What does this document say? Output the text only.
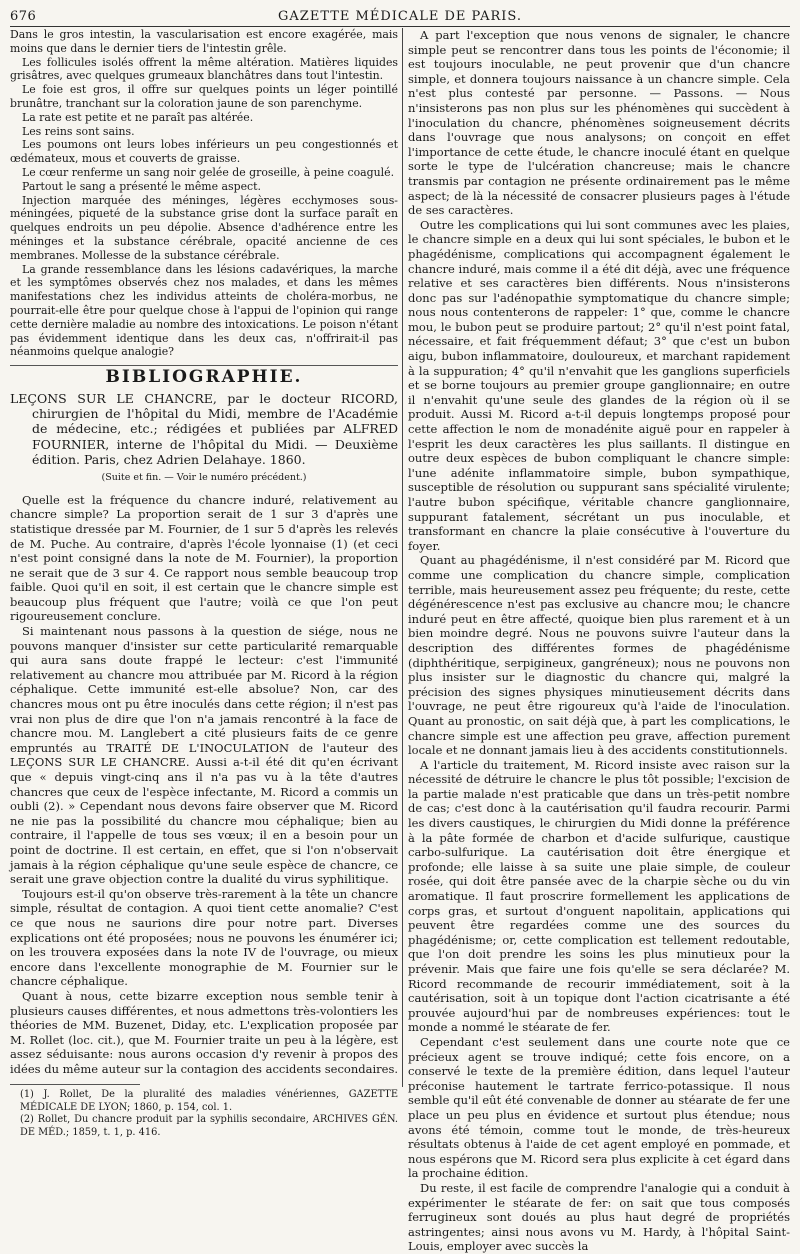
676	GAZETTE MÉDICALE DE PARIS.

Dans le gros intestin, la vascularisation est encore exagérée, mais moins que dans le dernier tiers de l'intestin grêle.

Les follicules isolés offrent la même altération. Matières liquides grisâtres, avec quelques grumeaux blanchâtres dans tout l'intestin.

Le foie est gros, il offre sur quelques points un léger pointillé brunâtre, tranchant sur la coloration jaune de son parenchyme.

La rate est petite et ne paraît pas altérée.

Les reins sont sains.

Les poumons ont leurs lobes inférieurs un peu congestionnés et œdémateux, mous et couverts de graisse.

Le cœur renferme un sang noir gelée de groseille, à peine coagulé.

Partout le sang a présenté le même aspect.

Injection marquée des méninges, légères ecchymoses sous-méningées, piqueté de la substance grise dont la surface paraît en quelques endroits un peu dépolie. Absence d'adhérence entre les méninges et la substance cérébrale, opacité ancienne de ces membranes. Mollesse de la substance cérébrale.

La grande ressemblance dans les lésions cadavériques, la marche et les symptômes observés chez nos malades, et dans les mêmes manifestations chez les individus atteints de choléra-morbus, ne pourrait-elle être pour quelque chose à l'appui de l'opinion qui range cette dernière maladie au nombre des intoxications. Le poison n'étant pas évidemment identique dans les deux cas, n'offrirait-il pas néanmoins quelque analogie?

BIBLIOGRAPHIE.

LEÇONS SUR LE CHANCRE, par le docteur RICORD, chirurgien de l'hôpital du Midi, membre de l'Académie de médecine, etc.; rédigées et publiées par ALFRED FOURNIER, interne de l'hôpital du Midi. — Deuxième édition. Paris, chez Adrien Delahaye. 1860.

(Suite et fin. — Voir le numéro précédent.)

Quelle est la fréquence du chancre induré, relativement au chancre simple? La proportion serait de 1 sur 3 d'après une statistique dressée par M. Fournier, de 1 sur 5 d'après les relevés de M. Puche. Au contraire, d'après l'école lyonnaise (1) (et ceci n'est point consigné dans la note de M. Fournier), la proportion ne serait que de 3 sur 4. Ce rapport nous semble beaucoup trop faible. Quoi qu'il en soit, il est certain que le chancre simple est beaucoup plus fréquent que l'autre; voilà ce que l'on peut rigoureusement conclure.

Si maintenant nous passons à la question de siége, nous ne pouvons manquer d'insister sur cette particularité remarquable qui aura sans doute frappé le lecteur: c'est l'immunité relativement au chancre mou attribuée par M. Ricord à la région céphalique. Cette immunité est-elle absolue? Non, car des chancres mous ont pu être inoculés dans cette région; il n'est pas vrai non plus de dire que l'on n'a jamais rencontré à la face de chancre mou. M. Langlebert a cité plusieurs faits de ce genre empruntés au TRAITÉ DE L'INOCULATION de l'auteur des LEÇONS SUR LE CHANCRE. Aussi a-t-il été dit qu'en écrivant que « depuis vingt-cinq ans il n'a pas vu à la tête d'autres chancres que ceux de l'espèce infectante, M. Ricord a commis un oubli (2). » Cependant nous devons faire observer que M. Ricord ne nie pas la possibilité du chancre mou céphalique; bien au contraire, il l'appelle de tous ses vœux; il en a besoin pour un point de doctrine. Il est certain, en effet, que si l'on n'observait jamais à la région céphalique qu'une seule espèce de chancre, ce serait une grave objection contre la dualité du virus syphilitique.

Toujours est-il qu'on observe très-rarement à la tête un chancre simple, résultat de contagion. A quoi tient cette anomalie? C'est ce que nous ne saurions dire pour notre part. Diverses explications ont été proposées; nous ne pouvons les énumérer ici; on les trouvera exposées dans la note IV de l'ouvrage, ou mieux encore dans l'excellente monographie de M. Fournier sur le chancre céphalique.

Quant à nous, cette bizarre exception nous semble tenir à plusieurs causes différentes, et nous admettons très-volontiers les théories de MM. Buzenet, Diday, etc. L'explication proposée par M. Rollet (loc. cit.), que M. Fournier traite un peu à la légère, est assez séduisante: nous aurons occasion d'y revenir à propos des idées du même auteur sur la contagion des accidents secondaires.

(1) J. Rollet, De la pluralité des maladies vénériennes, GAZETTE MÉDICALE DE LYON; 1860, p. 154, col. 1.

(2) Rollet, Du chancre produit par la syphilis secondaire, ARCHIVES GÉN. DE MÉD.; 1859, t. 1, p. 416.

A part l'exception que nous venons de signaler, le chancre simple peut se rencontrer dans tous les points de l'économie; il est toujours inoculable, ne peut provenir que d'un chancre simple, et donnera toujours naissance à un chancre simple. Cela n'est plus contesté par personne. — Passons. — Nous n'insisterons pas non plus sur les phénomènes qui succèdent à l'inoculation du chancre, phénomènes soigneusement décrits dans l'ouvrage que nous analysons; on conçoit en effet l'importance de cette étude, le chancre inoculé étant en quelque sorte le type de l'ulcération chancreuse; mais le chancre transmis par contagion ne présente ordinairement pas le même aspect; de là la nécessité de consacrer plusieurs pages à l'étude de ses caractères.

Outre les complications qui lui sont communes avec les plaies, le chancre simple en a deux qui lui sont spéciales, le bubon et le phagédénisme, complications qui accompagnent également le chancre induré, mais comme il a été dit déjà, avec une fréquence relative et ses caractères bien différents. Nous n'insisterons donc pas sur l'adénopathie symptomatique du chancre simple; nous nous contenterons de rappeler: 1° que, comme le chancre mou, le bubon peut se produire partout; 2° qu'il n'est point fatal, nécessaire, et fait fréquemment défaut; 3° que c'est un bubon aigu, bubon inflammatoire, douloureux, et marchant rapidement à la suppuration; 4° qu'il n'envahit que les ganglions superficiels et se borne toujours au premier groupe ganglionnaire; en outre il n'envahit qu'une seule des glandes de la région où il se produit. Aussi M. Ricord a-t-il depuis longtemps proposé pour cette affection le nom de monadénite aiguë pour en rappeler à l'esprit les deux caractères les plus saillants. Il distingue en outre deux espèces de bubon compliquant le chancre simple: l'une adénite inflammatoire simple, bubon sympathique, susceptible de résolution ou suppurant sans spécialité virulente; l'autre bubon spécifique, véritable chancre ganglionnaire, suppurant fatalement, sécrétant un pus inoculable, et transformant en chancre la plaie consécutive à l'ouverture du foyer.

Quant au phagédénisme, il n'est considéré par M. Ricord que comme une complication du chancre simple, complication terrible, mais heureusement assez peu fréquente; du reste, cette dégénérescence n'est pas exclusive au chancre mou; le chancre induré peut en être affecté, quoique bien plus rarement et à un bien moindre degré. Nous ne pouvons suivre l'auteur dans la description des différentes formes de phagédénisme (diphthéritique, serpigineux, gangréneux); nous ne pouvons non plus insister sur le diagnostic du chancre qui, malgré la précision des signes physiques minutieusement décrits dans l'ouvrage, ne peut être rigoureux qu'à l'aide de l'inoculation. Quant au pronostic, on sait déjà que, à part les complications, le chancre simple est une affection peu grave, affection purement locale et ne donnant jamais lieu à des accidents constitutionnels.

A l'article du traitement, M. Ricord insiste avec raison sur la nécessité de détruire le chancre le plus tôt possible; l'excision de la partie malade n'est praticable que dans un très-petit nombre de cas; c'est donc à la cautérisation qu'il faudra recourir. Parmi les divers caustiques, le chirurgien du Midi donne la préférence à la pâte formée de charbon et d'acide sulfurique, caustique carbo-sulfurique. La cautérisation doit être énergique et profonde; elle laisse à sa suite une plaie simple, de couleur rosée, qui doit être pansée avec de la charpie sèche ou du vin aromatique. Il faut proscrire formellement les applications de corps gras, et surtout d'onguent napolitain, applications qui peuvent être regardées comme une des sources du phagédénisme; or, cette complication est tellement redoutable, que l'on doit prendre les soins les plus minutieux pour la prévenir. Mais que faire une fois qu'elle se sera déclarée? M. Ricord recommande de recourir immédiatement, soit à la cautérisation, soit à un topique dont l'action cicatrisante a été prouvée aujourd'hui par de nombreuses expériences: tout le monde a nommé le stéarate de fer.

Cependant c'est seulement dans une courte note que ce précieux agent se trouve indiqué; cette fois encore, on a conservé le texte de la première édition, dans lequel l'auteur préconise hautement le tartrate ferrico-potassique. Il nous semble qu'il eût été convenable de donner au stéarate de fer une place un peu plus en évidence et surtout plus étendue; nous avons été témoin, comme tout le monde, de très-heureux résultats obtenus à l'aide de cet agent employé en pommade, et nous espérons que M. Ricord sera plus explicite à cet égard dans la prochaine édition.

Du reste, il est facile de comprendre l'analogie qui a conduit à expérimenter le stéarate de fer: on sait que tous composés ferrugineux sont doués au plus haut degré de propriétés astringentes; ainsi nous avons vu M. Hardy, à l'hôpital Saint-Louis, employer avec succès la
